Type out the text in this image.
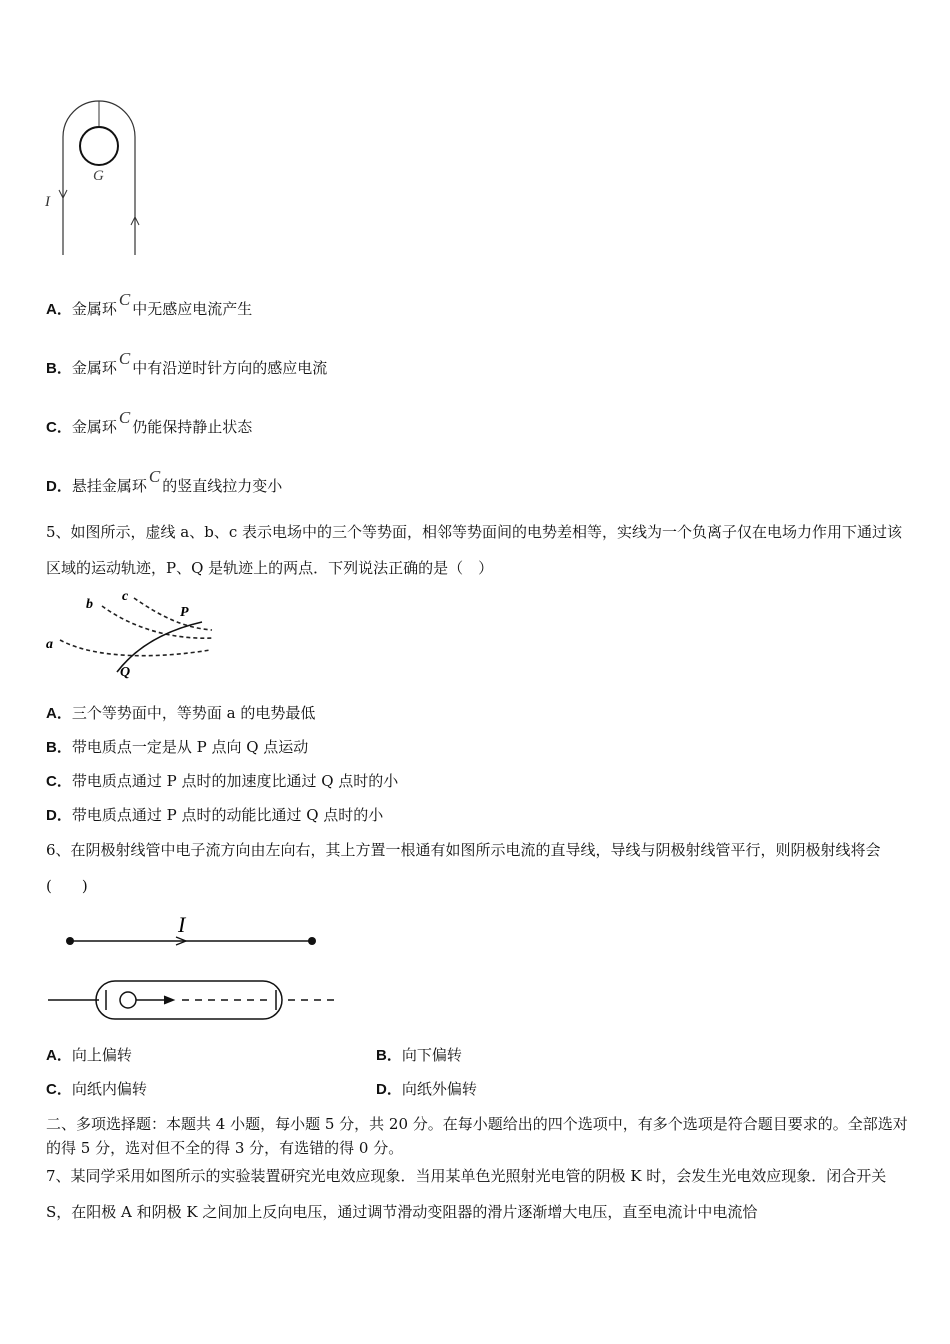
G
I
A．金属环 C 中无感应电流产生
B．金属环 C 中有沿逆时针方向的感应电流
C．金属环 C 仍能保持静止状态
D．悬挂金属环 C 的竖直线拉力变小
5、如图所示，虚线 a、b、c 表示电场中的三个等势面，相邻等势面间的电势差相等，实线为一个负离子仅在电场力作用下通过该区域的运动轨迹，P、Q 是轨迹上的两点．下列说法正确的是（　）
a
b
c
P
Q
A．三个等势面中，等势面 a 的电势最低
B．带电质点一定是从 P 点向 Q 点运动
C．带电质点通过 P 点时的加速度比通过 Q 点时的小
D．带电质点通过 P 点时的动能比通过 Q 点时的小
6、在阴极射线管中电子流方向由左向右，其上方置一根通有如图所示电流的直导线，导线与阴极射线管平行，则阴极射线将会(　　)
I
A．向上偏转	B．向下偏转
C．向纸内偏转	D．向纸外偏转
二、多项选择题：本题共 4 小题，每小题 5 分，共 20 分。在每小题给出的四个选项中，有多个选项是符合题目要求的。全部选对的得 5 分，选对但不全的得 3 分，有选错的得 0 分。
7、某同学采用如图所示的实验装置研究光电效应现象．当用某单色光照射光电管的阴极 K 时，会发生光电效应现象．闭合开关 S，在阳极 A 和阴极 K 之间加上反向电压，通过调节滑动变阻器的滑片逐渐增大电压，直至电流计中电流恰
